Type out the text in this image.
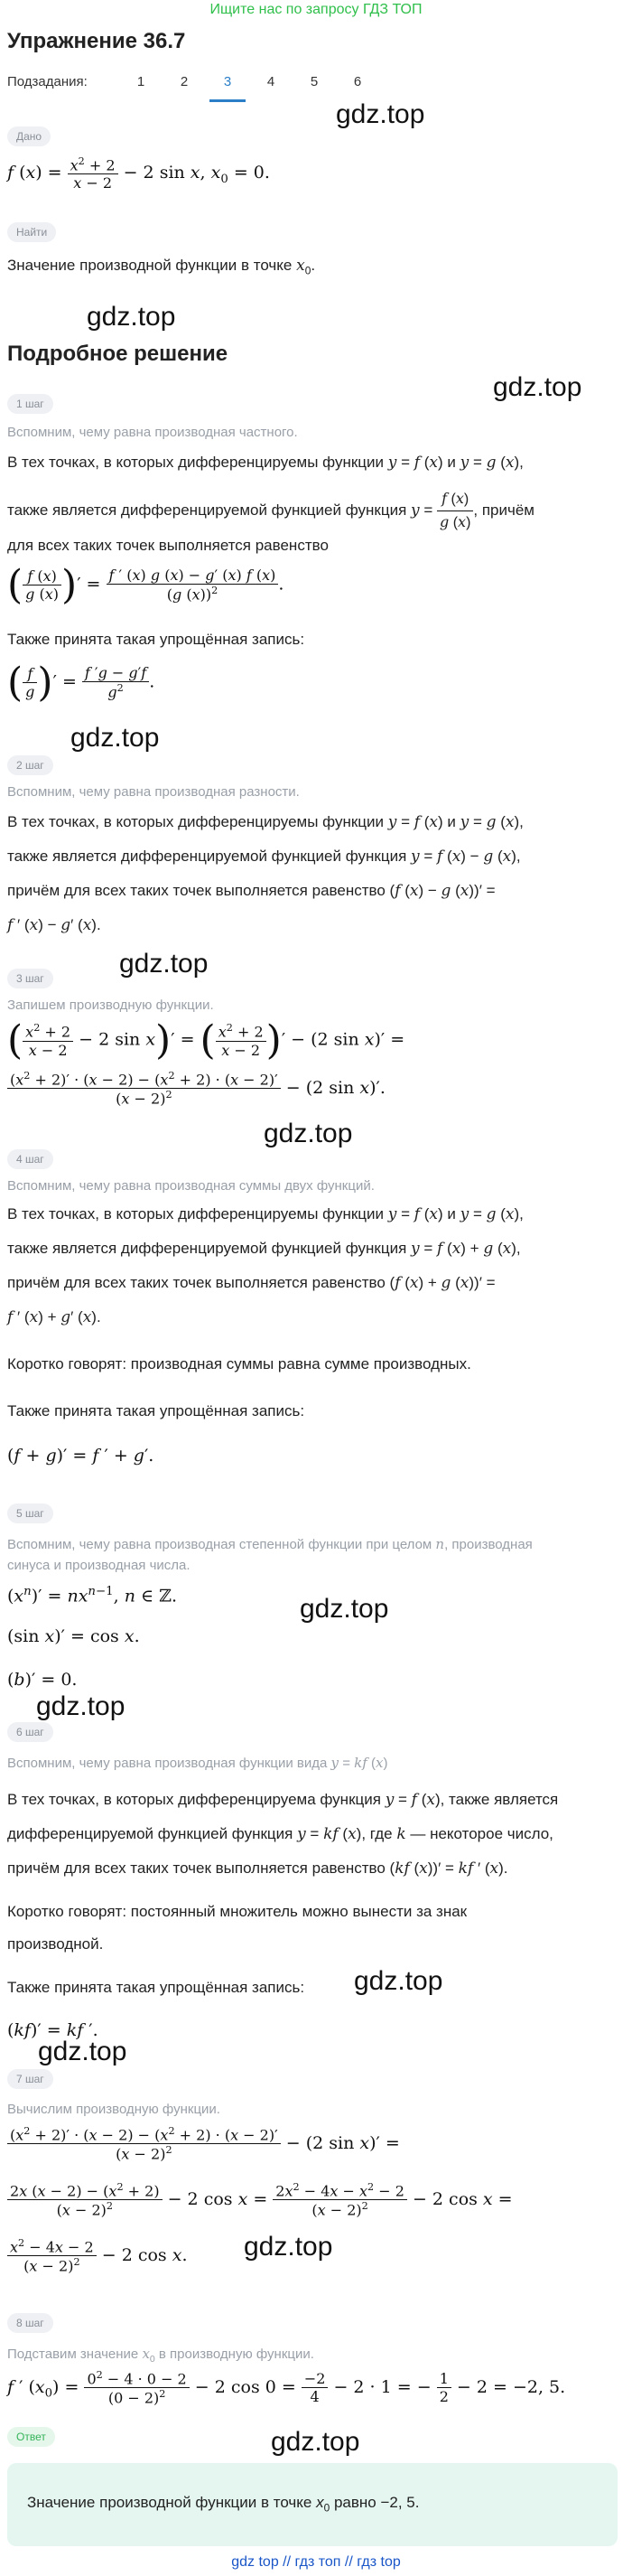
Ищите нас по запросу ГДЗ ТОП
Упражнение 36.7
Подзадания:	1	2	3	4	5	6
Дано
gdz.top
f $(x) = \frac{x^2 + 2}{x - 2} - 2$ sin x, $x_0 = 0$.
Найти
Значение производной функции в точке $x_0$.
gdz.top
Подробное решение
gdz.top
1 шаг
Вспомним, чему равна производная частного.
В тех точках, в которых дифференцируемы функции y = f (x) и y = g (x),
также является дифференцируемой функцией функция $y = \frac{f (x)}{g (x)}$ , причём
для всех таких точек выполняется равенство
( $\frac{f (x)}{g (x)}$ )′ = $\frac{f ' (x) g (x) - g' (x) f (x)}{(g (x))^2}$ .
Также принята такая упрощённая запись:
( $\frac{f}{g}$ )′ = $\frac{f 'g - g'f}{g^2}$ .
gdz.top
2 шаг
Вспомним, чему равна производная разности.
В тех точках, в которых дифференцируемы функции y = f (x) и y = g (x),
также является дифференцируемой функцией функция y = f (x) − g (x),
причём для всех таких точек выполняется равенство (f (x) − g (x))′ =
f ′ (x) − g′ (x).
gdz.top
3 шаг
Запишем производную функции.
( $\frac{x^2 + 2}{x - 2} - 2$ sin x)′ = ( $\frac{x^2 + 2}{x - 2}$ )′ − (2 sin x)′ =
$\frac{(x^2 + 2)' \cdot (x - 2) - (x^2 + 2) \cdot (x - 2)'}{(x - 2)^2} - (2$ sin x)′.
gdz.top
4 шаг
Вспомним, чему равна производная суммы двух функций.
В тех точках, в которых дифференцируемы функции y = f (x) и y = g (x),
также является дифференцируемой функцией функция y = f (x) + g (x),
причём для всех таких точек выполняется равенство (f (x) + g (x))′ =
f ′ (x) + g′ (x).
Коротко говорят: производная суммы равна сумме производных.
Также принята такая упрощённая запись:
(f + g)′ = f ′ + g′.
5 шаг
Вспомним, чему равна производная степенной функции при целом n, производная
синуса и производная числа.
$(x^n)' = nx^{n-1}$, n ∈ ℤ.	gdz.top
(sin x)′ = cos x.
(b)′ = 0.
gdz.top
6 шаг
Вспомним, чему равна производная функции вида y = kf (x)
В тех точках, в которых дифференцируема функция y = f (x), также является
дифференцируемой функцией функция y = kf (x), где k — некоторое число,
причём для всех таких точек выполняется равенство (kf (x))′ = kf ′ (x).
Коротко говорят: постоянный множитель можно вынести за знак
производной.
Также принята такая упрощённая запись: gdz.top
(kf)′ = kf ′.
gdz.top
7 шаг
Вычислим производную функции.
$\frac{(x^2 + 2)' \cdot (x - 2) - (x^2 + 2) \cdot (x - 2)'}{(x - 2)^2} - (2$ sin x)′ =
$\frac{2x (x - 2) - (x^2 + 2)}{(x - 2)^2} - 2$ $\cos x = \frac{2x^2 - 4x - x^2 - 2}{(x - 2)^2} - 2$ cos x =
$\frac{x^2 - 4x - 2}{(x - 2)^2} - 2$ cos x. gdz.top
8 шаг
Подставим значение $x_0$ в производную функции.
f ′ $(x_0) = \frac{0^2 - 4 \cdot 0 - 2}{(0 - 2)^2} - 2$ $\cos 0 = \frac{-2}{4} - 2 \cdot 1$ = − $\frac{1}{2} - 2 = -2$, 5.
Ответ	gdz.top
Значение производной функции в точке $x_0$ равно −2, 5.
gdz top // гдз топ // гдз top
